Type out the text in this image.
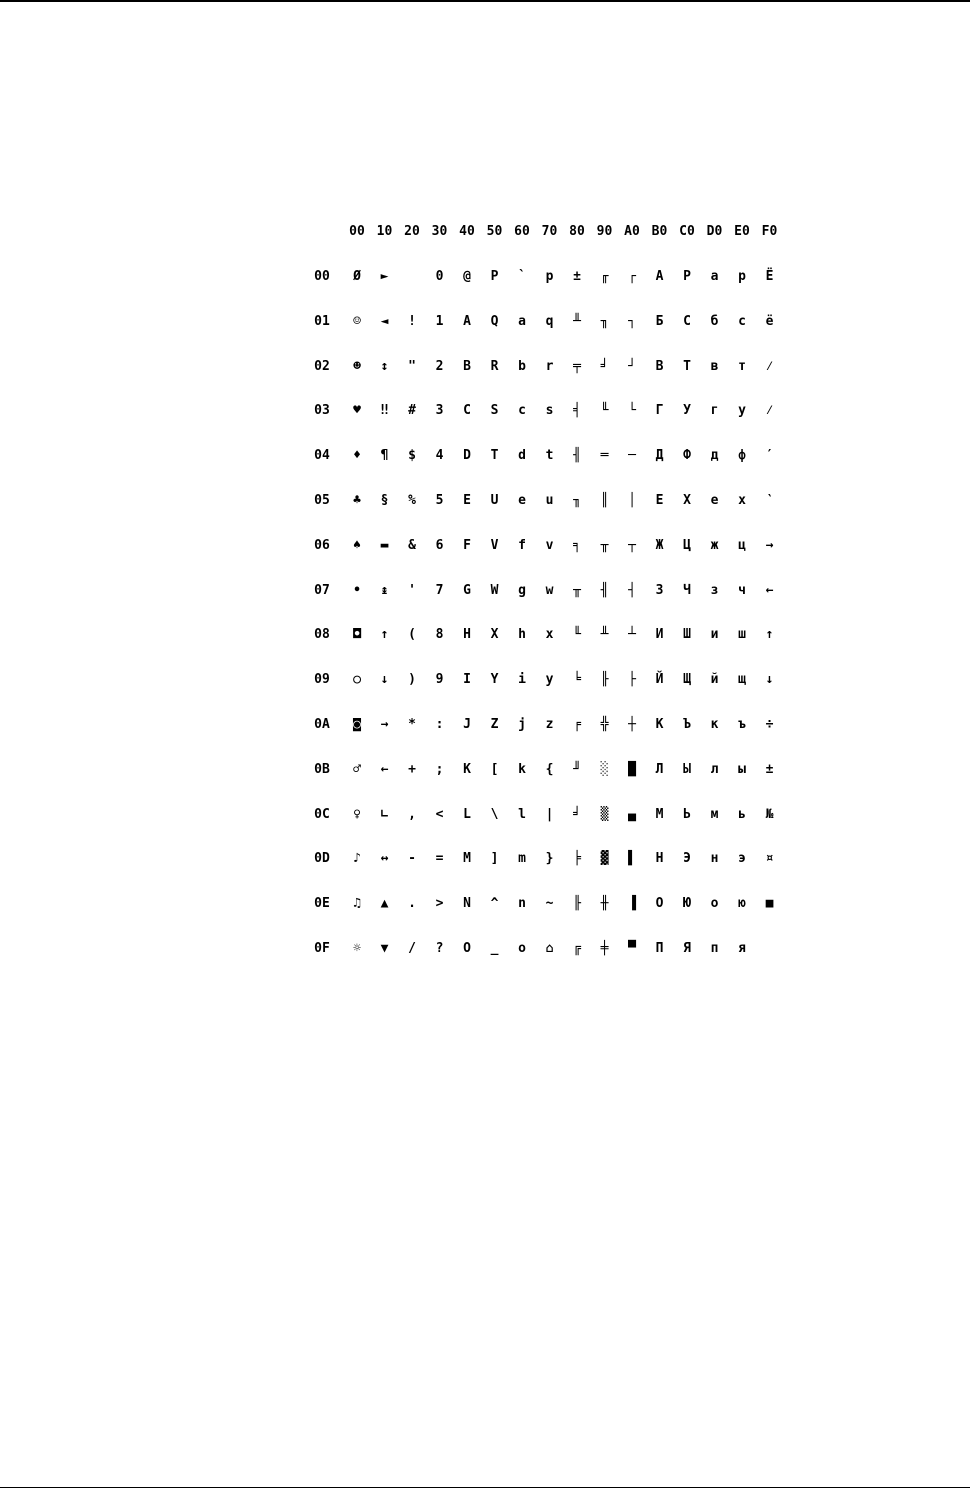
00 10 20 30 40 50 60 70 80 90 A0 B0 C0 D0 E0 F0
00 Ø ►
	0 @ P ` p ± ╓ ┌ А Р а р Ё
01 ☺ ◄ ! 1 A Q a q ╨ ╖ ┐ Б С б с ё
02 ☻ ↕ " 2 B R b r ╤ ╛ ┘ В Т в т ⁄
03 ♥ ‼ # 3 C S c s ╡ ╙ └ Г У г у ⁄
04 ♦ ¶ $ 4 D T d t ╢ ═ ─ Д Ф д ф ′
05 ♣ § % 5 E U e u ╖ ║ │ Е Х е х ‵
06 ♠ ▬ & 6 F V f v ╕ ╥ ┬ Ж Ц ж ц →
07 • ↨ ' 7 G W g w ╥ ╢ ┤ З Ч з ч ←
08 ◘ ↑ ( 8 H X h x ╙ ╨ ┴ И Ш и ш ↑
09 ○ ↓ ) 9 I Y i y ╘ ╟ ├ Й Щ й щ ↓
0A ◙ → * : J Z j z ╒ ╬ ┼ К Ъ к ъ ÷
0B ♂ ← + ; K [ k { ╜ ░ █ Л Ы л ы ±
0C ♀ ∟ , < L \ l | ╛ ▒ ▄ М Ь м ь №
0D ♪ ↔ - = M ] m } ╞ ▓ ▌ Н Э н э ¤
0E ♫ ▲ . > N ^ n ~ ╟ ╫ ▐ О Ю о ю ■
0F ☼ ▼ / ? O _ o ⌂ ╔ ╪ ▀ П Я п я
